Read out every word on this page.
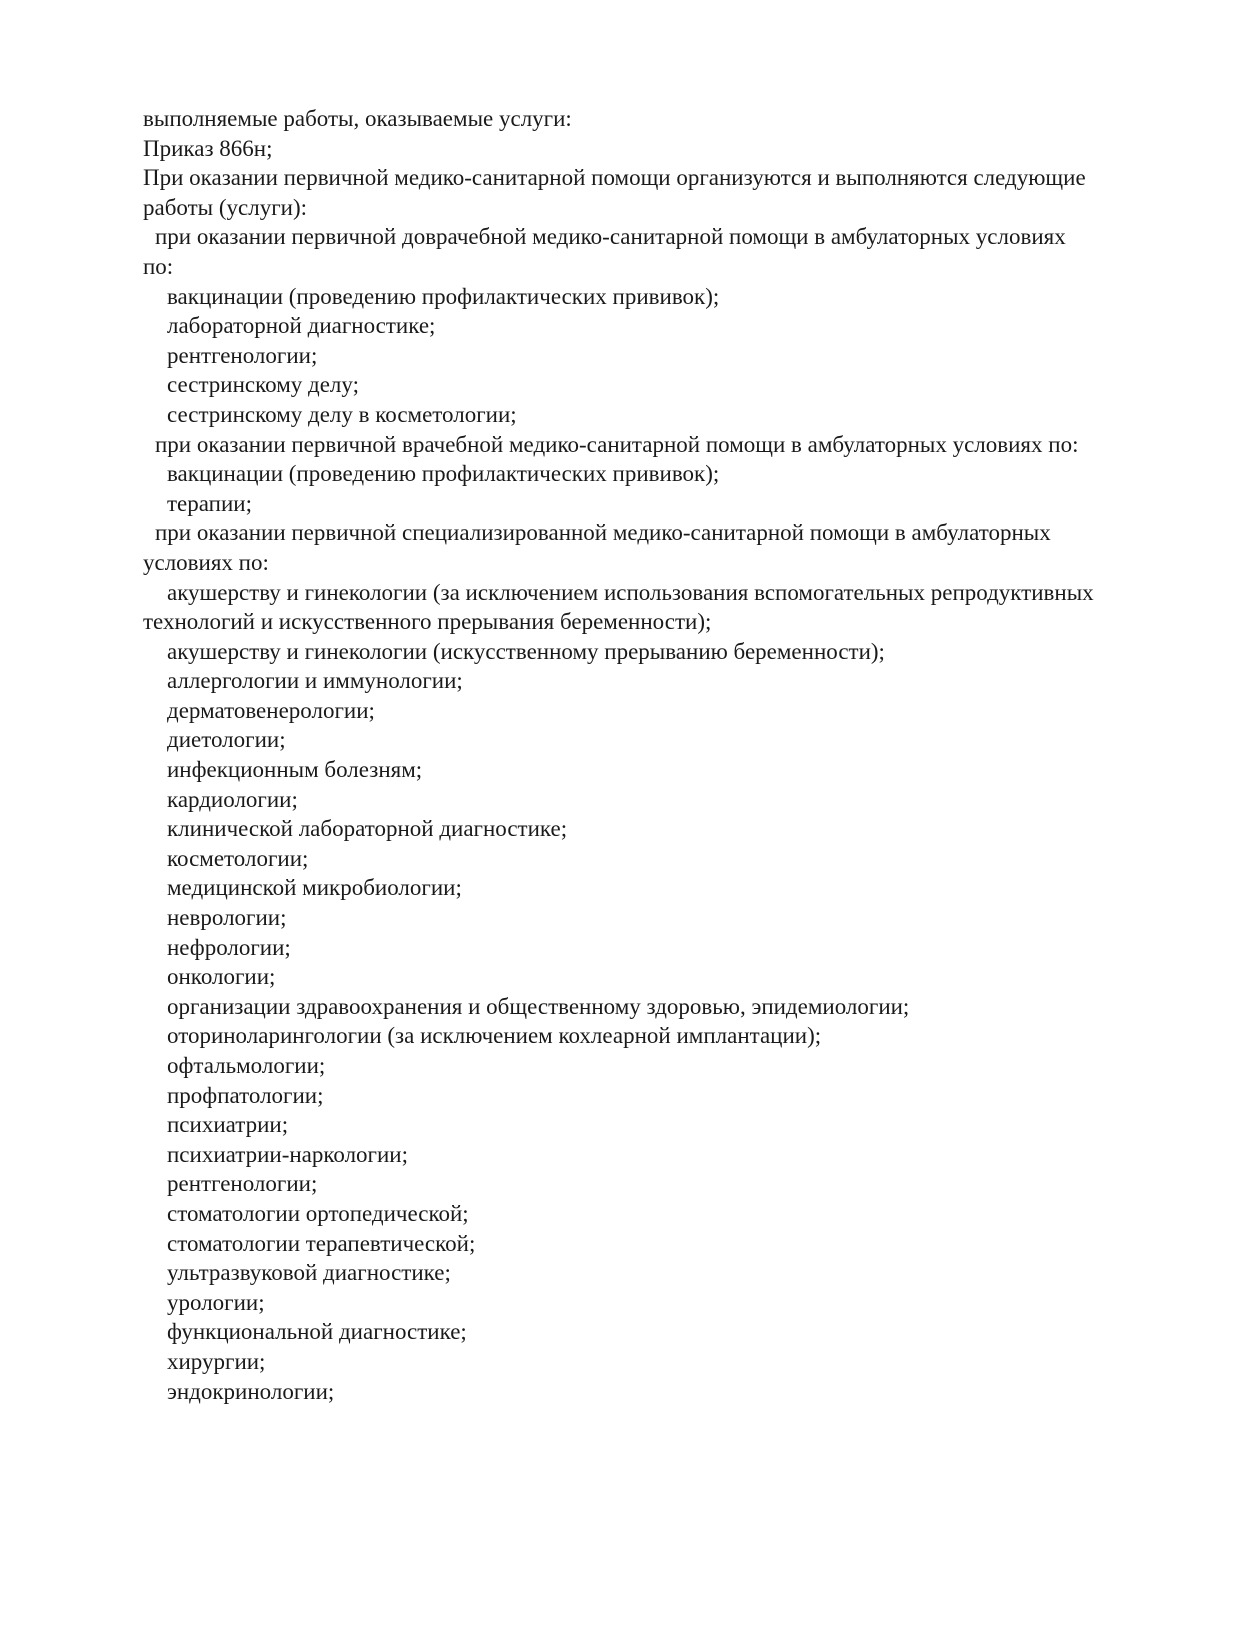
выполняемые работы, оказываемые услуги:
Приказ 866н;
При оказании первичной медико-санитарной помощи организуются и выполняются следующие
работы (услуги):
при оказании первичной доврачебной медико-санитарной помощи в амбулаторных условиях
по:
вакцинации (проведению профилактических прививок);
лабораторной диагностике;
рентгенологии;
сестринскому делу;
сестринскому делу в косметологии;
при оказании первичной врачебной медико-санитарной помощи в амбулаторных условиях по:
вакцинации (проведению профилактических прививок);
терапии;
при оказании первичной специализированной медико-санитарной помощи в амбулаторных
условиях по:
акушерству и гинекологии (за исключением использования вспомогательных репродуктивных
технологий и искусственного прерывания беременности);
акушерству и гинекологии (искусственному прерыванию беременности);
аллергологии и иммунологии;
дерматовенерологии;
диетологии;
инфекционным болезням;
кардиологии;
клинической лабораторной диагностике;
косметологии;
медицинской микробиологии;
неврологии;
нефрологии;
онкологии;
организации здравоохранения и общественному здоровью, эпидемиологии;
оториноларингологии (за исключением кохлеарной имплантации);
офтальмологии;
профпатологии;
психиатрии;
психиатрии-наркологии;
рентгенологии;
стоматологии ортопедической;
стоматологии терапевтической;
ультразвуковой диагностике;
урологии;
функциональной диагностике;
хирургии;
эндокринологии;
